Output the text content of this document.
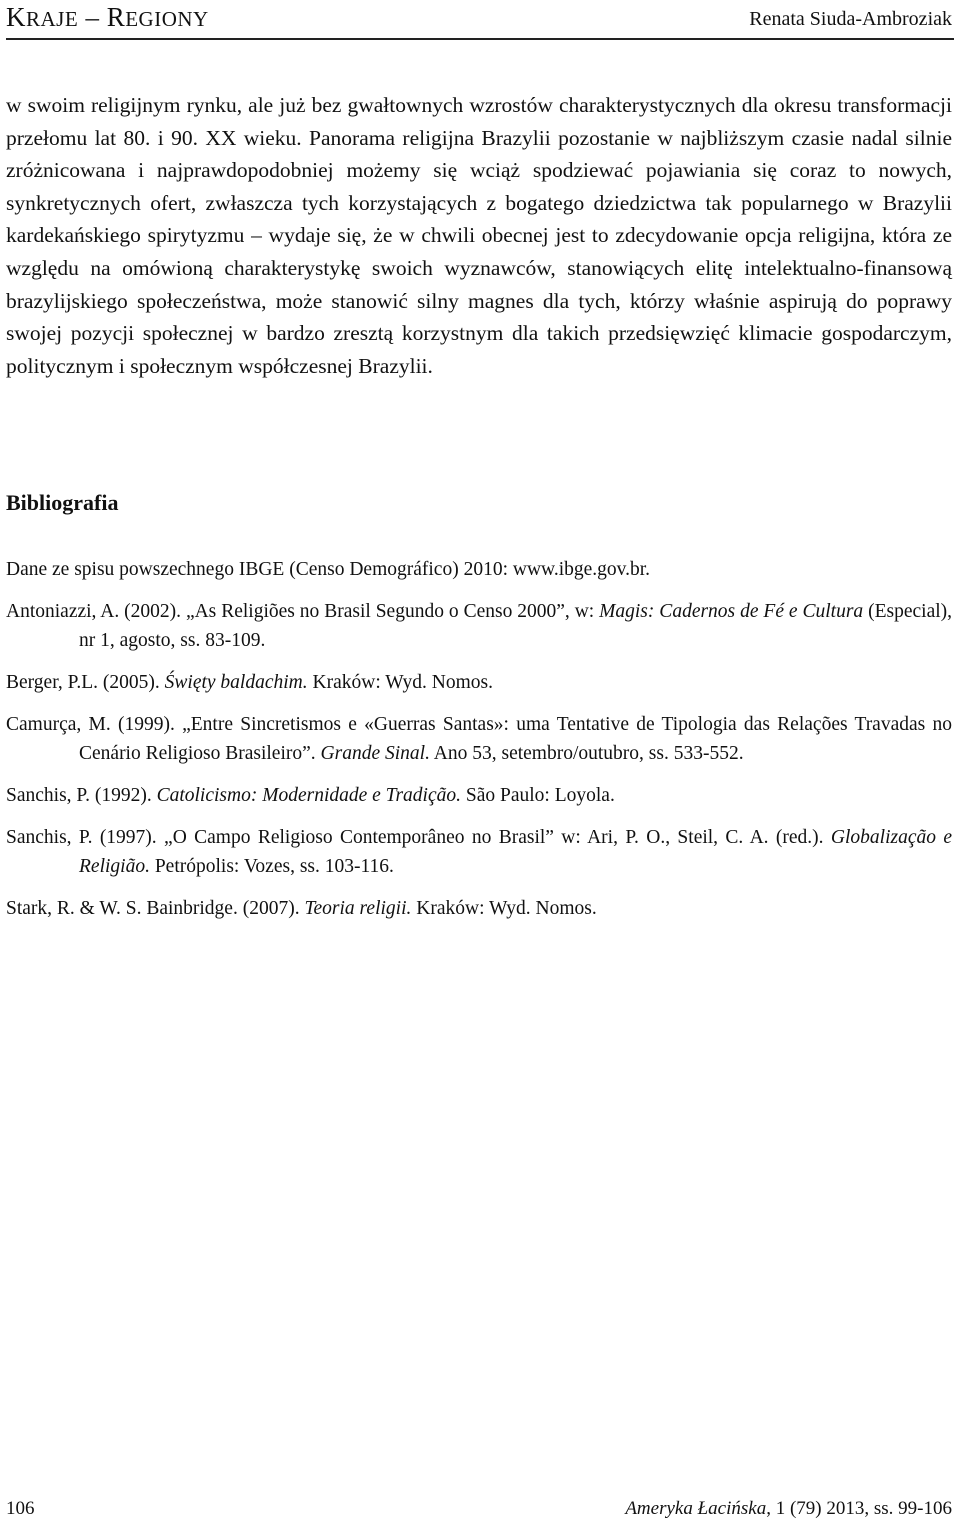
KRAJE – REGIONY	Renata Siuda-Ambroziak

w swoim religijnym rynku, ale już bez gwałtownych wzrostów charakterystycznych dla okresu transformacji przełomu lat 80. i 90. XX wieku. Panorama religijna Brazylii pozostanie w najbliższym czasie nadal silnie zróżnicowana i najprawdopodobniej możemy się wciąż spodziewać pojawiania się coraz to nowych, synkretycznych ofert, zwłaszcza tych korzystających z bogatego dziedzictwa tak popularnego w Brazylii kardekańskiego spirytyzmu – wydaje się, że w chwili obecnej jest to zdecydowanie opcja religijna, która ze względu na omówioną charakterystykę swoich wyznawców, stanowiących elitę intelektualno-finansową brazylijskiego społeczeństwa, może stanowić silny magnes dla tych, którzy właśnie aspirują do poprawy swojej pozycji społecznej w bardzo zresztą korzystnym dla takich przedsięwzięć klimacie gospodarczym, politycznym i społecznym współczesnej Brazylii.

Bibliografia
Dane ze spisu powszechnego IBGE (Censo Demográfico) 2010: www.ibge.gov.br.
Antoniazzi, A. (2002). „As Religiões no Brasil Segundo o Censo 2000”, w: Magis: Cadernos de Fé e Cultura (Especial), nr 1, agosto, ss. 83-109.
Berger, P.L. (2005). Święty baldachim. Kraków: Wyd. Nomos.
Camurça, M. (1999). „Entre Sincretismos e «Guerras Santas»: uma Tentative de Tipologia das Relações Travadas no Cenário Religioso Brasileiro”. Grande Sinal. Ano 53, setembro/outubro, ss. 533-552.
Sanchis, P. (1992). Catolicismo: Modernidade e Tradição. São Paulo: Loyola.
Sanchis, P. (1997). „O Campo Religioso Contemporâneo no Brasil” w: Ari, P. O., Steil, C. A. (red.). Globalização e Religião. Petrópolis: Vozes, ss. 103-116.
Stark, R. & W. S. Bainbridge. (2007). Teoria religii. Kraków: Wyd. Nomos.
106	Ameryka Łacińska, 1 (79) 2013, ss. 99-106
